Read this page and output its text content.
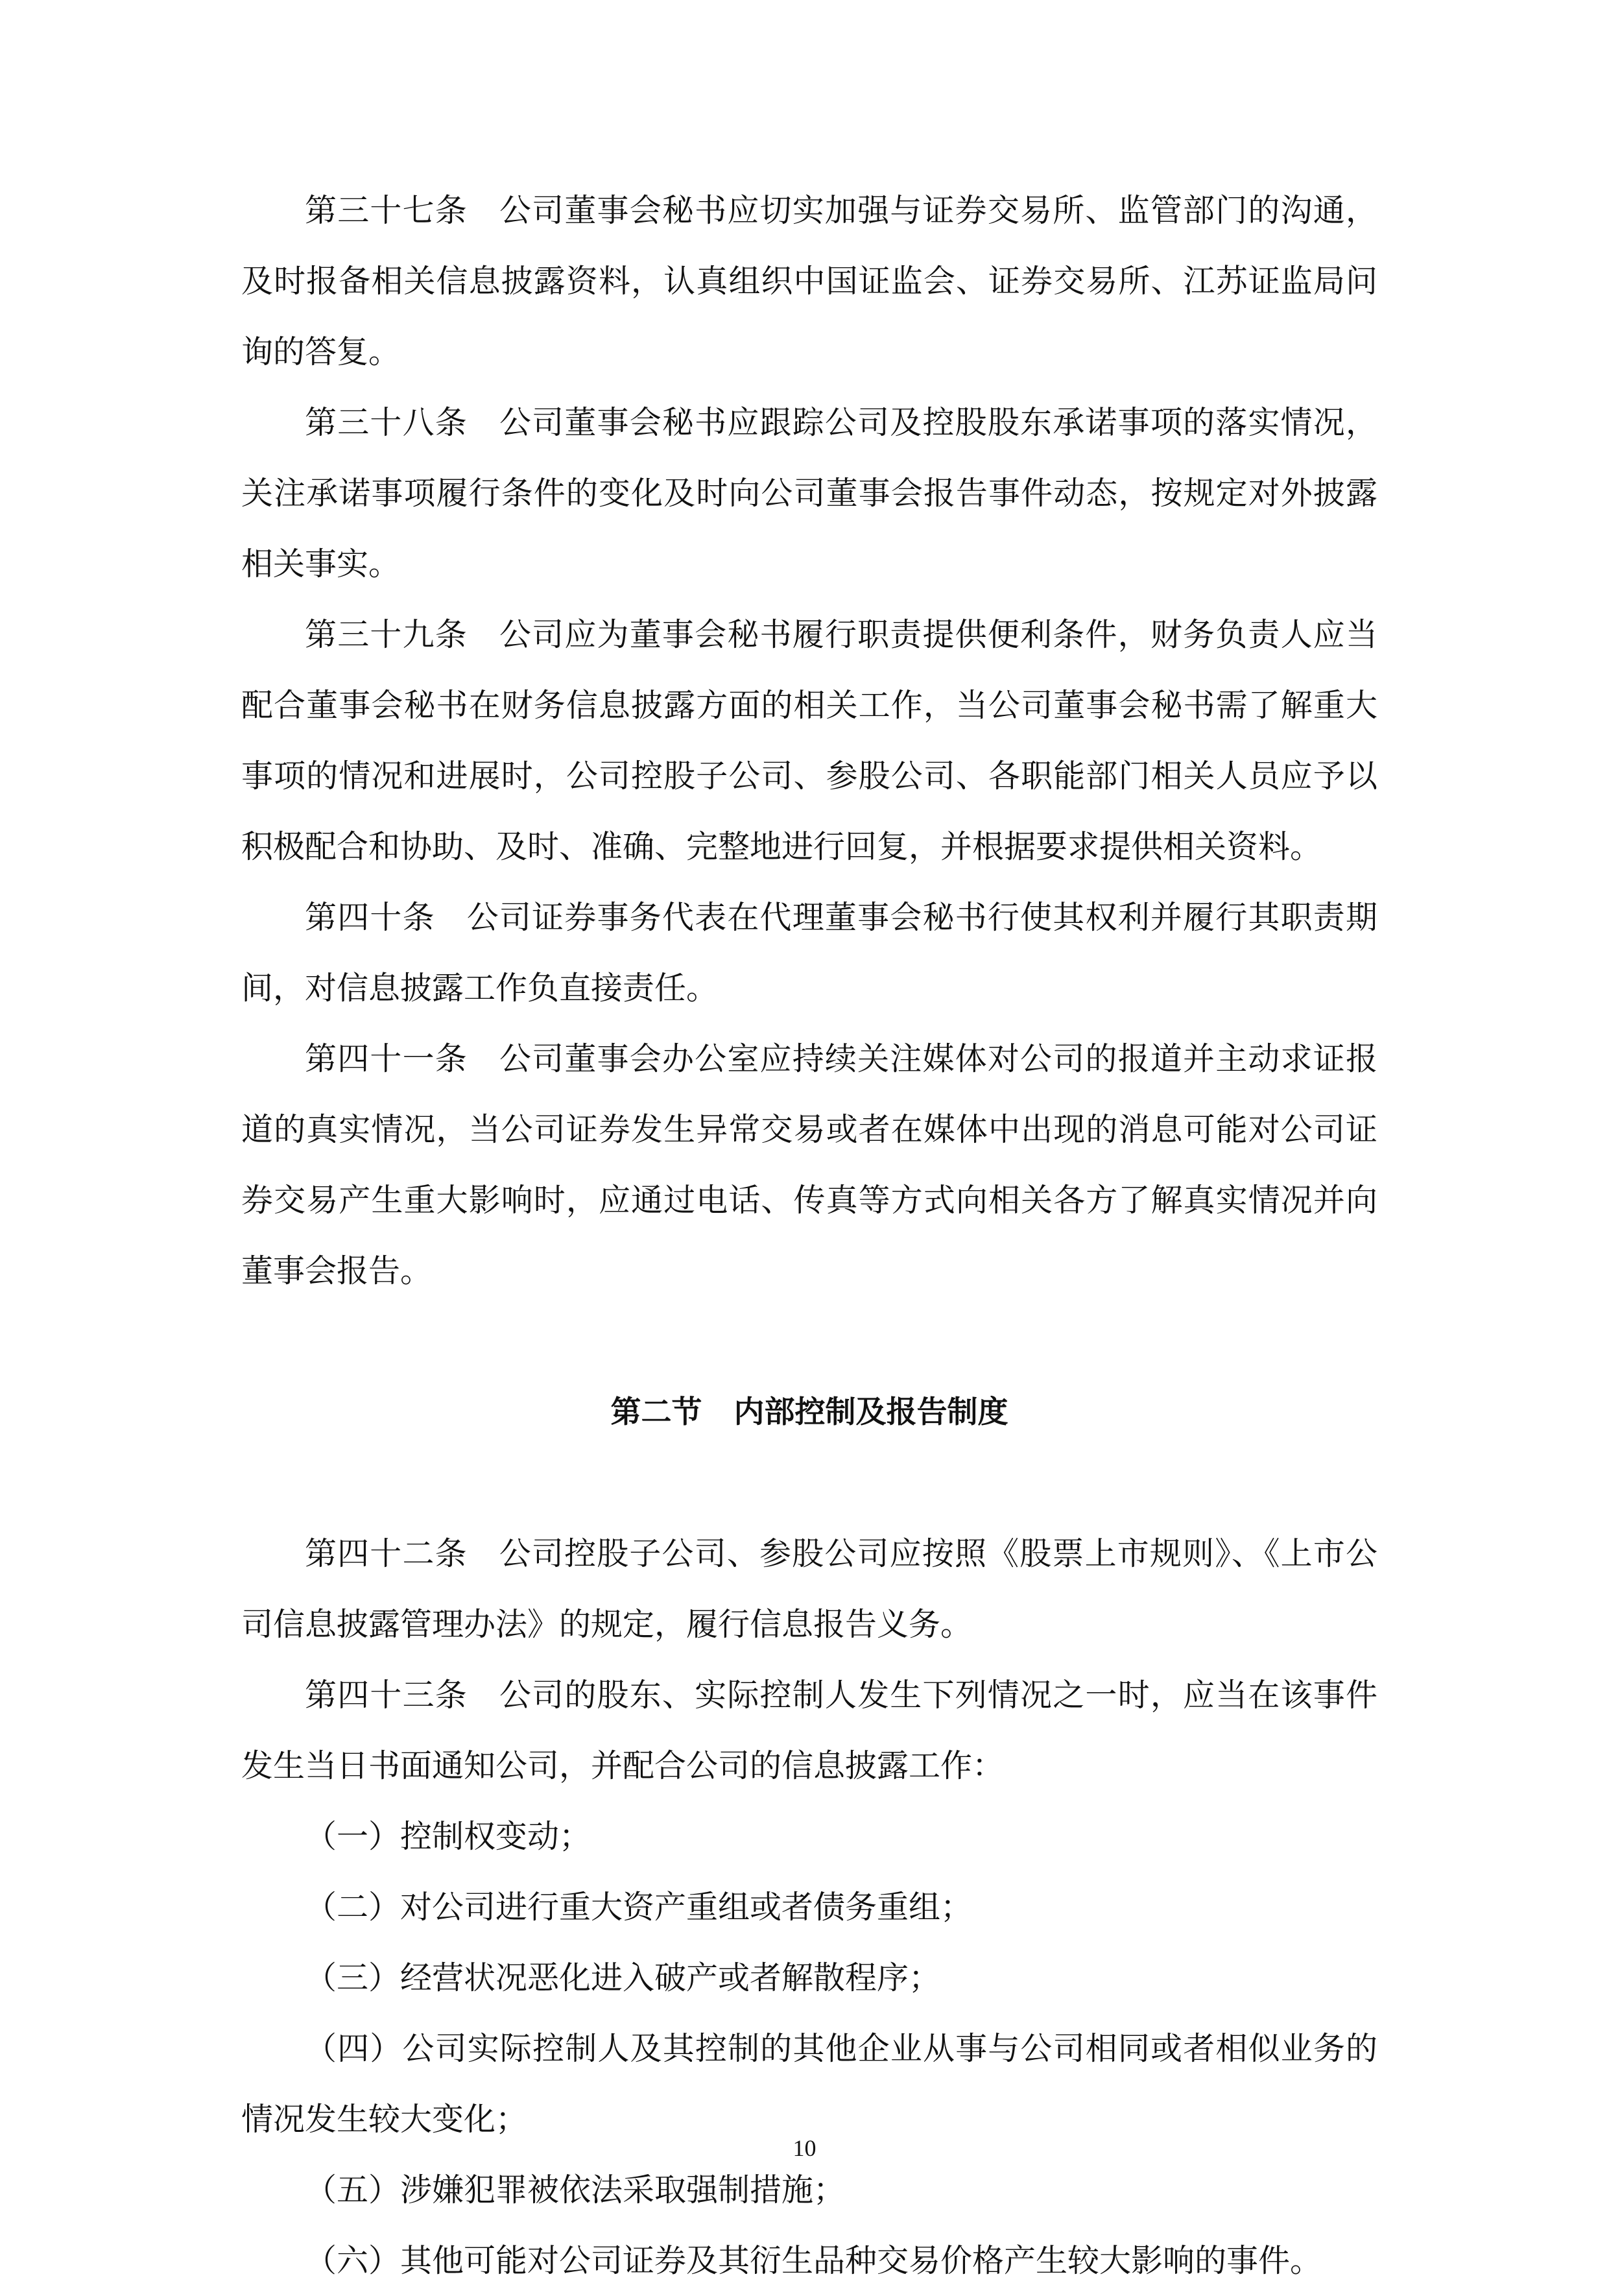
第三十七条 公司董事会秘书应切实加强与证券交易所、监管部门的沟通，及时报备相关信息披露资料，认真组织中国证监会、证券交易所、江苏证监局问询的答复。

第三十八条 公司董事会秘书应跟踪公司及控股股东承诺事项的落实情况，关注承诺事项履行条件的变化及时向公司董事会报告事件动态，按规定对外披露相关事实。

第三十九条 公司应为董事会秘书履行职责提供便利条件，财务负责人应当配合董事会秘书在财务信息披露方面的相关工作，当公司董事会秘书需了解重大事项的情况和进展时，公司控股子公司、参股公司、各职能部门相关人员应予以积极配合和协助、及时、准确、完整地进行回复，并根据要求提供相关资料。

第四十条 公司证券事务代表在代理董事会秘书行使其权利并履行其职责期间，对信息披露工作负直接责任。

第四十一条 公司董事会办公室应持续关注媒体对公司的报道并主动求证报道的真实情况，当公司证券发生异常交易或者在媒体中出现的消息可能对公司证券交易产生重大影响时，应通过电话、传真等方式向相关各方了解真实情况并向董事会报告。

第二节 内部控制及报告制度

第四十二条 公司控股子公司、参股公司应按照《股票上市规则》、《上市公司信息披露管理办法》的规定，履行信息报告义务。

第四十三条 公司的股东、实际控制人发生下列情况之一时，应当在该事件发生当日书面通知公司，并配合公司的信息披露工作：

（一）控制权变动；

（二）对公司进行重大资产重组或者债务重组；

（三）经营状况恶化进入破产或者解散程序；

（四）公司实际控制人及其控制的其他企业从事与公司相同或者相似业务的情况发生较大变化；

（五）涉嫌犯罪被依法采取强制措施；

（六）其他可能对公司证券及其衍生品种交易价格产生较大影响的事件。

10
